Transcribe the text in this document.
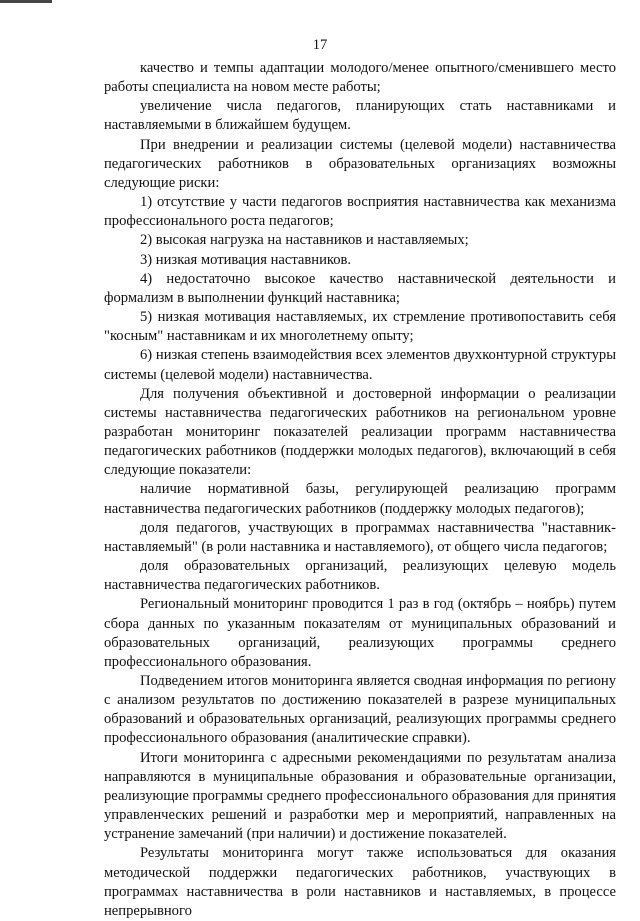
17

качество и темпы адаптации молодого/менее опытного/сменившего место работы специалиста на новом месте работы;

увеличение числа педагогов, планирующих стать наставниками и наставляемыми в ближайшем будущем.

При внедрении и реализации системы (целевой модели) наставничества педагогических работников в образовательных организациях возможны следующие риски:

1) отсутствие у части педагогов восприятия наставничества как механизма профессионального роста педагогов;

2) высокая нагрузка на наставников и наставляемых;

3) низкая мотивация наставников.

4) недостаточно высокое качество наставнической деятельности и формализм в выполнении функций наставника;

5) низкая мотивация наставляемых, их стремление противопоставить себя "косным" наставникам и их многолетнему опыту;

6) низкая степень взаимодействия всех элементов двухконтурной структуры системы (целевой модели) наставничества.

Для получения объективной и достоверной информации о реализации системы наставничества педагогических работников на региональном уровне разработан мониторинг показателей реализации программ наставничества педагогических работников (поддержки молодых педагогов), включающий в себя следующие показатели:

наличие нормативной базы, регулирующей реализацию программ наставничества педагогических работников (поддержку молодых педагогов);

доля педагогов, участвующих в программах наставничества "наставник-наставляемый" (в роли наставника и наставляемого), от общего числа педагогов;

доля образовательных организаций, реализующих целевую модель наставничества педагогических работников.

Региональный мониторинг проводится 1 раз в год (октябрь – ноябрь) путем сбора данных по указанным показателям от муниципальных образований и образовательных организаций, реализующих программы среднего профессионального образования.

Подведением итогов мониторинга является сводная информация по региону с анализом результатов по достижению показателей в разрезе муниципальных образований и образовательных организаций, реализующих программы среднего профессионального образования (аналитические справки).

Итоги мониторинга с адресными рекомендациями по результатам анализа направляются в муниципальные образования и образовательные организации, реализующие программы среднего профессионального образования для принятия управленческих решений и разработки мер и мероприятий, направленных на устранение замечаний (при наличии) и достижение показателей.

Результаты мониторинга могут также использоваться для оказания методической поддержки педагогических работников, участвующих в программах наставничества в роли наставников и наставляемых, в процессе непрерывного
